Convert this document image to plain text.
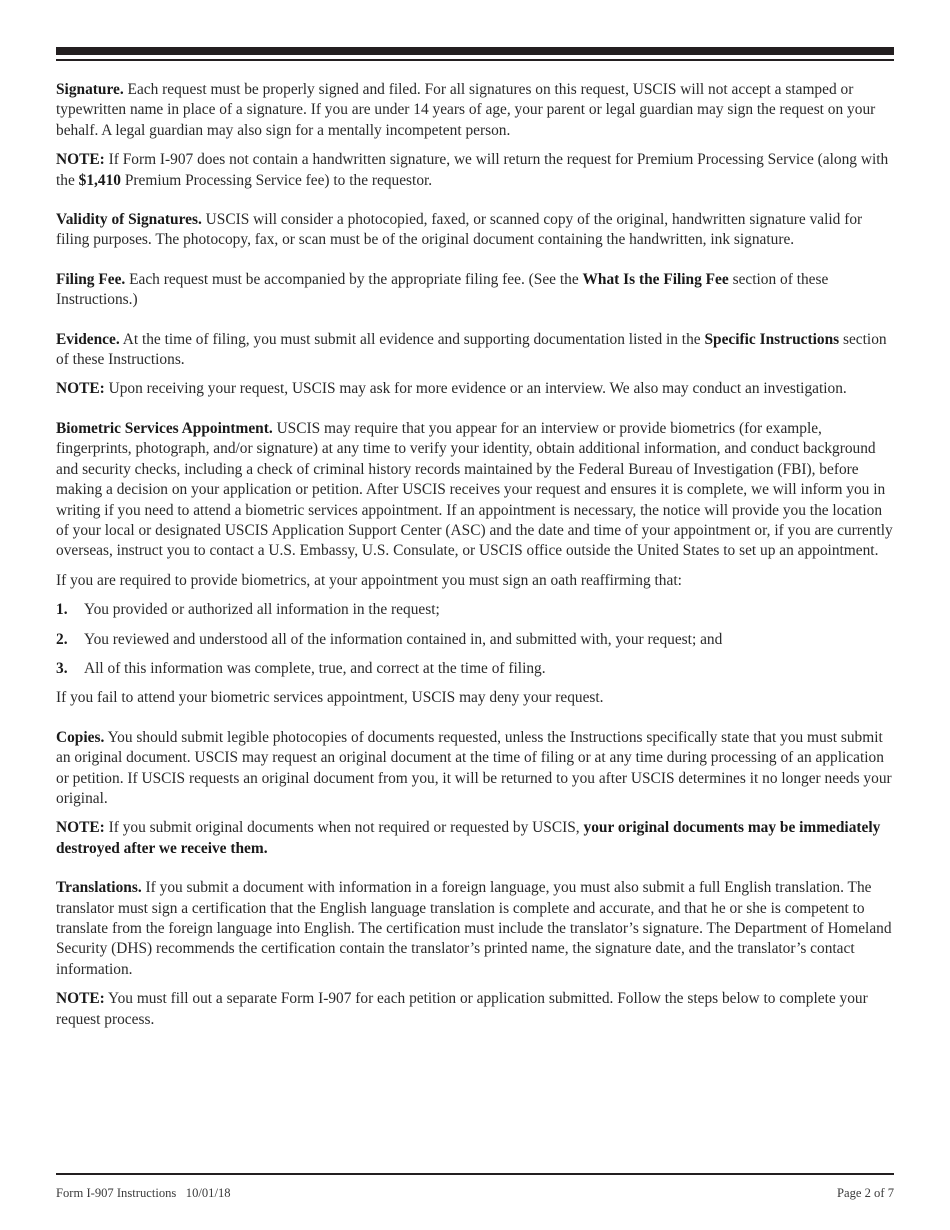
Signature. Each request must be properly signed and filed. For all signatures on this request, USCIS will not accept a stamped or typewritten name in place of a signature. If you are under 14 years of age, your parent or legal guardian may sign the request on your behalf. A legal guardian may also sign for a mentally incompetent person.

NOTE: If Form I-907 does not contain a handwritten signature, we will return the request for Premium Processing Service (along with the $1,410 Premium Processing Service fee) to the requestor.

Validity of Signatures. USCIS will consider a photocopied, faxed, or scanned copy of the original, handwritten signature valid for filing purposes. The photocopy, fax, or scan must be of the original document containing the handwritten, ink signature.

Filing Fee. Each request must be accompanied by the appropriate filing fee. (See the What Is the Filing Fee section of these Instructions.)

Evidence. At the time of filing, you must submit all evidence and supporting documentation listed in the Specific Instructions section of these Instructions.

NOTE: Upon receiving your request, USCIS may ask for more evidence or an interview. We also may conduct an investigation.

Biometric Services Appointment. USCIS may require that you appear for an interview or provide biometrics (for example, fingerprints, photograph, and/or signature) at any time to verify your identity, obtain additional information, and conduct background and security checks, including a check of criminal history records maintained by the Federal Bureau of Investigation (FBI), before making a decision on your application or petition. After USCIS receives your request and ensures it is complete, we will inform you in writing if you need to attend a biometric services appointment. If an appointment is necessary, the notice will provide you the location of your local or designated USCIS Application Support Center (ASC) and the date and time of your appointment or, if you are currently overseas, instruct you to contact a U.S. Embassy, U.S. Consulate, or USCIS office outside the United States to set up an appointment.

If you are required to provide biometrics, at your appointment you must sign an oath reaffirming that:

1.	You provided or authorized all information in the request;
2.	You reviewed and understood all of the information contained in, and submitted with, your request; and
3.	All of this information was complete, true, and correct at the time of filing.

If you fail to attend your biometric services appointment, USCIS may deny your request.

Copies. You should submit legible photocopies of documents requested, unless the Instructions specifically state that you must submit an original document. USCIS may request an original document at the time of filing or at any time during processing of an application or petition. If USCIS requests an original document from you, it will be returned to you after USCIS determines it no longer needs your original.

NOTE: If you submit original documents when not required or requested by USCIS, your original documents may be immediately destroyed after we receive them.

Translations. If you submit a document with information in a foreign language, you must also submit a full English translation. The translator must sign a certification that the English language translation is complete and accurate, and that he or she is competent to translate from the foreign language into English. The certification must include the translator’s signature. The Department of Homeland Security (DHS) recommends the certification contain the translator’s printed name, the signature date, and the translator’s contact information.

NOTE: You must fill out a separate Form I-907 for each petition or application submitted. Follow the steps below to complete your request process.

Form I-907 Instructions   10/01/18	Page 2 of 7
